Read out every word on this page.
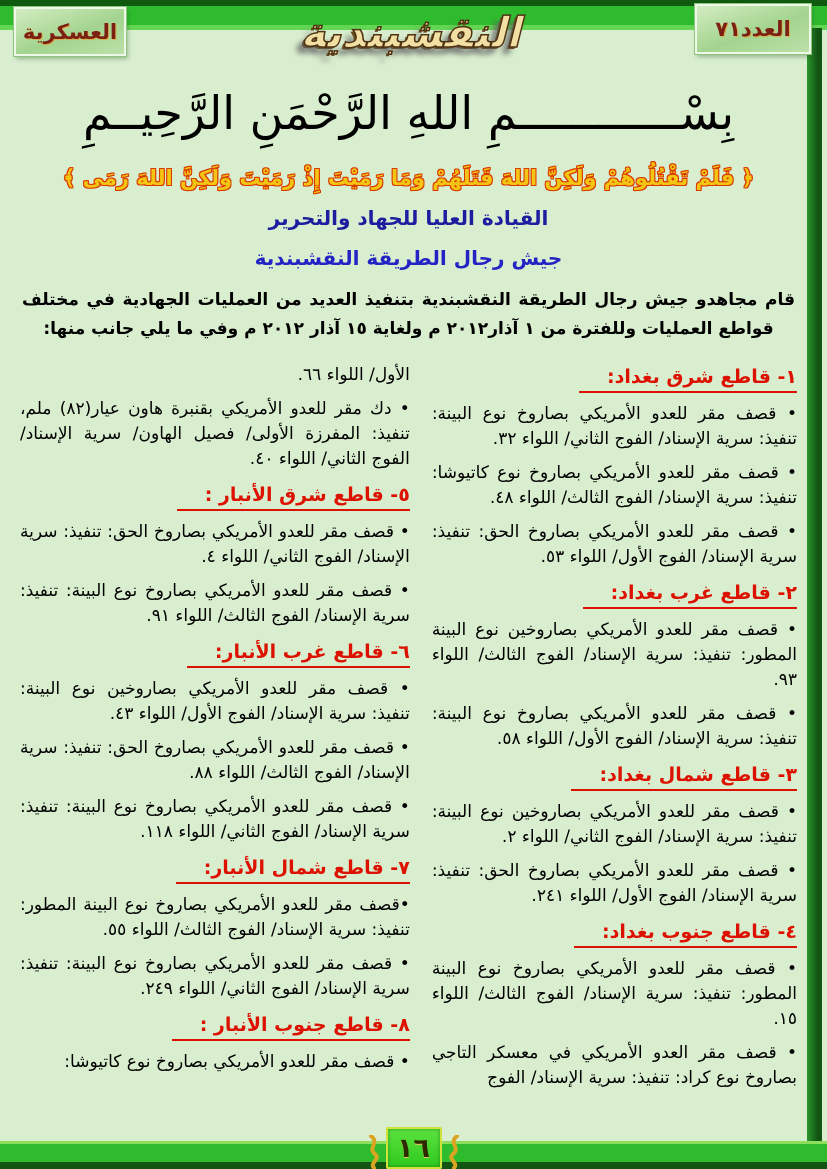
العدد٧١
العسكرية	النقشبندية
بِسْــــــــــــمِ اللهِ الرَّحْمَنِ الرَّحِيــمِ
﴿ فَلَمْ تَقْتُلُوهُمْ وَلَكِنَّ اللهَ قَتَلَهُمْ وَمَا رَمَيْتَ إِذْ رَمَيْتَ وَلَكِنَّ اللهَ رَمَى ﴾
القيادة العليا للجهاد والتحرير
جيش رجال الطريقة النقشبندية

قام مجاهدو جيش رجال الطريقة النقشبندية بتنفيذ العديد من العمليات الجهادية في مختلف قواطع العمليات وللفترة من ١ آذار٢٠١٢ م ولغاية ١٥ آذار ٢٠١٢ م وفي ما يلي جانب منها:

١- قاطع شرق بغداد:

• قصف مقر للعدو الأمريكي بصاروخ نوع البينة: تنفيذ: سرية الإسناد/ الفوج الثاني/ اللواء ٣٢.

• قصف مقر للعدو الأمريكي بصاروخ نوع كاتيوشا: تنفيذ: سرية الإسناد/ الفوج الثالث/ اللواء ٤٨.

• قصف مقر للعدو الأمريكي بصاروخ الحق: تنفيذ: سرية الإسناد/ الفوج الأول/ اللواء ٥٣.

٢- قاطع غرب بغداد:

• قصف مقر للعدو الأمريكي بصاروخين نوع البينة المطور: تنفيذ: سرية الإسناد/ الفوج الثالث/ اللواء ٩٣.

• قصف مقر للعدو الأمريكي بصاروخ نوع البينة: تنفيذ: سرية الإسناد/ الفوج الأول/ اللواء ٥٨.

٣- قاطع شمال بغداد:

• قصف مقر للعدو الأمريكي بصاروخين نوع البينة: تنفيذ: سرية الإسناد/ الفوج الثاني/ اللواء ٢.

• قصف مقر للعدو الأمريكي بصاروخ الحق: تنفيذ: سرية الإسناد/ الفوج الأول/ اللواء ٢٤١.

٤- قاطع جنوب بغداد:

• قصف مقر للعدو الأمريكي بصاروخ نوع البينة المطور: تنفيذ: سرية الإسناد/ الفوج الثالث/ اللواء ١٥.

• قصف مقر العدو الأمريكي في معسكر التاجي بصاروخ نوع كراد: تنفيذ: سرية الإسناد/ الفوج

الأول/ اللواء ٦٦.

• دك مقر للعدو الأمريكي بقنبرة هاون عيار(٨٢) ملم، تنفيذ: المفرزة الأولى/ فصيل الهاون/ سرية الإسناد/ الفوج الثاني/ اللواء ٤٠.

٥- قاطع شرق الأنبار :

• قصف مقر للعدو الأمريكي بصاروخ الحق: تنفيذ: سرية الإسناد/ الفوج الثاني/ اللواء ٤.

• قصف مقر للعدو الأمريكي بصاروخ نوع البينة: تنفيذ: سرية الإسناد/ الفوج الثالث/ اللواء ٩١.

٦- قاطع غرب الأنبار:

• قصف مقر للعدو الأمريكي بصاروخين نوع البينة: تنفيذ: سرية الإسناد/ الفوج الأول/ اللواء ٤٣.

• قصف مقر للعدو الأمريكي بصاروخ الحق: تنفيذ: سرية الإسناد/ الفوج الثالث/ اللواء ٨٨.

• قصف مقر للعدو الأمريكي بصاروخ نوع البينة: تنفيذ: سرية الإسناد/ الفوج الثاني/ اللواء ١١٨.

٧- قاطع شمال الأنبار:

•قصف مقر للعدو الأمريكي بصاروخ نوع البينة المطور: تنفيذ: سرية الإسناد/ الفوج الثالث/ اللواء ٥٥.

• قصف مقر للعدو الأمريكي بصاروخ نوع البينة: تنفيذ: سرية الإسناد/ الفوج الثاني/ اللواء ٢٤٩.

٨- قاطع جنوب الأنبار :

• قصف مقر للعدو الأمريكي بصاروخ نوع كاتيوشا:

١٦
